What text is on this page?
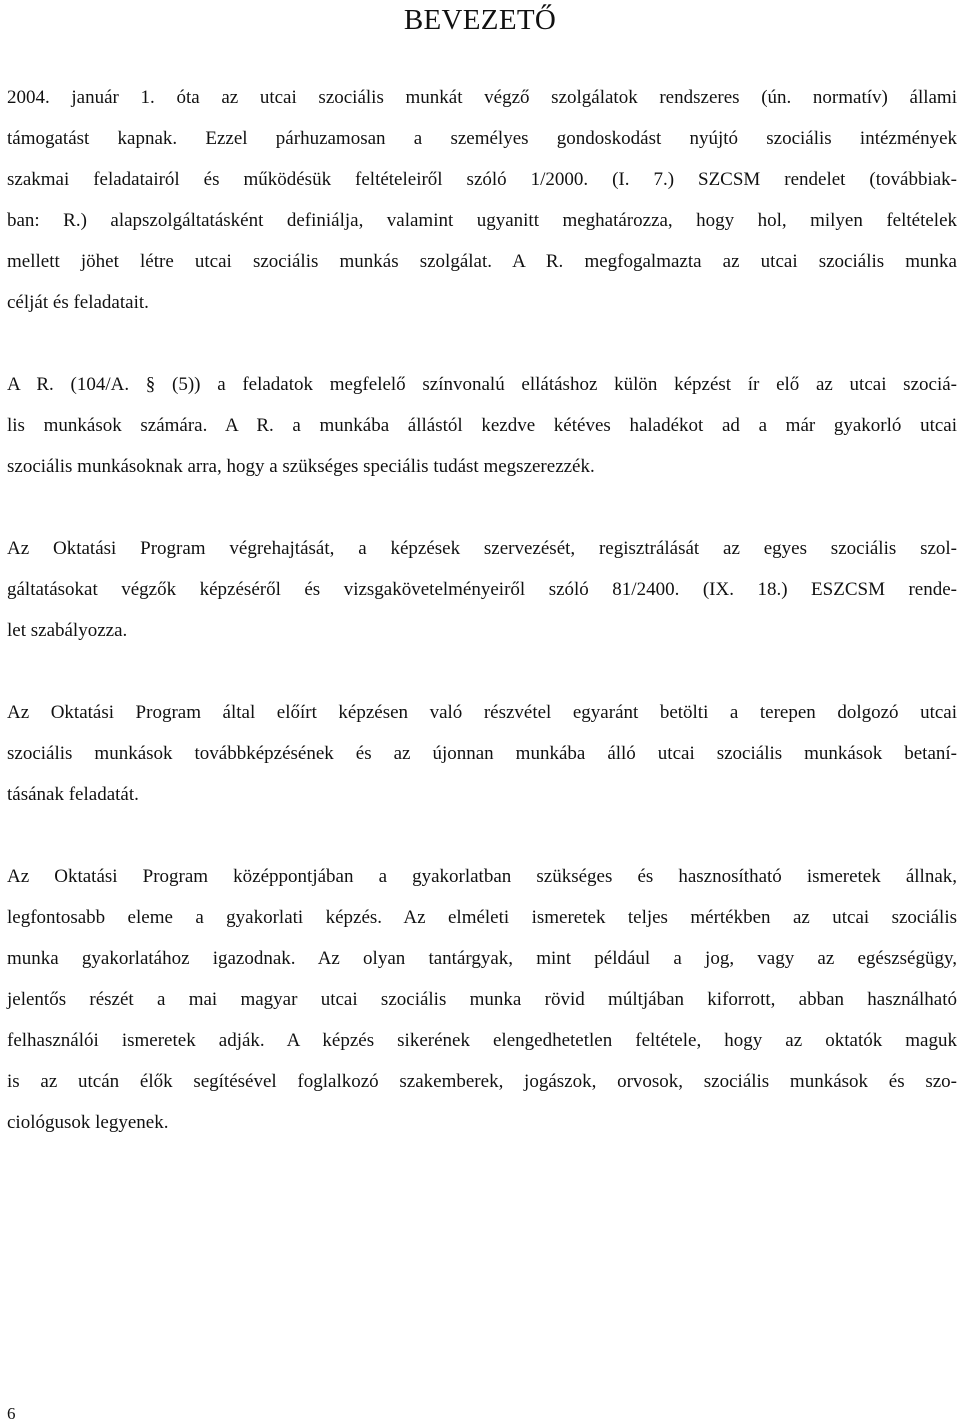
BEVEZETŐ
2004. január 1. óta az utcai szociális munkát végző szolgálatok rendszeres (ún. normatív) állami
támogatást kapnak. Ezzel párhuzamosan a személyes gondoskodást nyújtó szociális intézmények
szakmai feladatairól és működésük feltételeiről szóló 1/2000. (I. 7.) SZCSM rendelet (továbbiak-
ban: R.) alapszolgáltatásként definiálja, valamint ugyanitt meghatározza, hogy hol, milyen feltételek
mellett jöhet létre utcai szociális munkás szolgálat. A R. megfogalmazta az utcai szociális munka
célját és feladatait.
A R. (104/A. § (5)) a feladatok megfelelő színvonalú ellátáshoz külön képzést ír elő az utcai szociá-
lis munkások számára. A R. a munkába állástól kezdve kétéves haladékot ad a már gyakorló utcai
szociális munkásoknak arra, hogy a szükséges speciális tudást megszerezzék.
Az Oktatási Program végrehajtását, a képzések szervezését, regisztrálását az egyes szociális szol-
gáltatásokat végzők képzéséről és vizsgakövetelményeiről szóló 81/2400. (IX. 18.) ESZCSM rende-
let szabályozza.
Az Oktatási Program által előírt képzésen való részvétel egyaránt betölti a terepen dolgozó utcai
szociális munkások továbbképzésének és az újonnan munkába álló utcai szociális munkások betaní-
tásának feladatát.
Az Oktatási Program középpontjában a gyakorlatban szükséges és hasznosítható ismeretek állnak,
legfontosabb eleme a gyakorlati képzés. Az elméleti ismeretek teljes mértékben az utcai szociális
munka gyakorlatához igazodnak. Az olyan tantárgyak, mint például a jog, vagy az egészségügy,
jelentős részét a mai magyar utcai szociális munka rövid múltjában kiforrott, abban használható
felhasználói ismeretek adják. A képzés sikerének elengedhetetlen feltétele, hogy az oktatók maguk
is az utcán élők segítésével foglalkozó szakemberek, jogászok, orvosok, szociális munkások és szo-
ciológusok legyenek.
6
